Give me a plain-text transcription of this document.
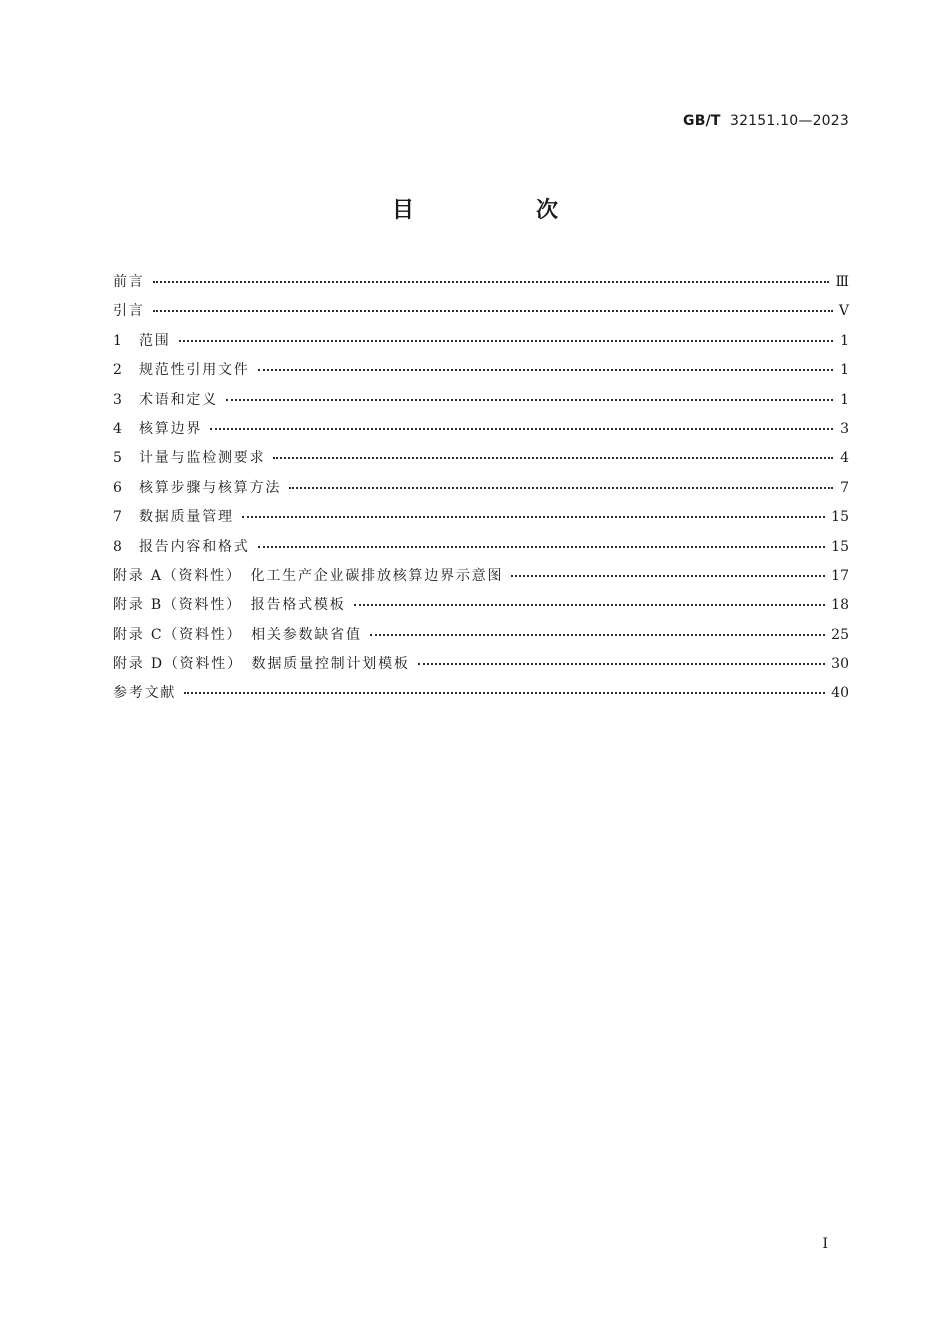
GB/T 32151.10—2023
目　次
前言	Ⅲ
引言	Ⅴ
1 范围	1
2 规范性引用文件	1
3 术语和定义	1
4 核算边界	3
5 计量与监检测要求	4
6 核算步骤与核算方法	7
7 数据质量管理	15
8 报告内容和格式	15
附录 A（资料性）　化工生产企业碳排放核算边界示意图	17
附录 B（资料性）　报告格式模板	18
附录 C（资料性）　相关参数缺省值	25
附录 D（资料性）　数据质量控制计划模板	30
参考文献	40
Ⅰ
